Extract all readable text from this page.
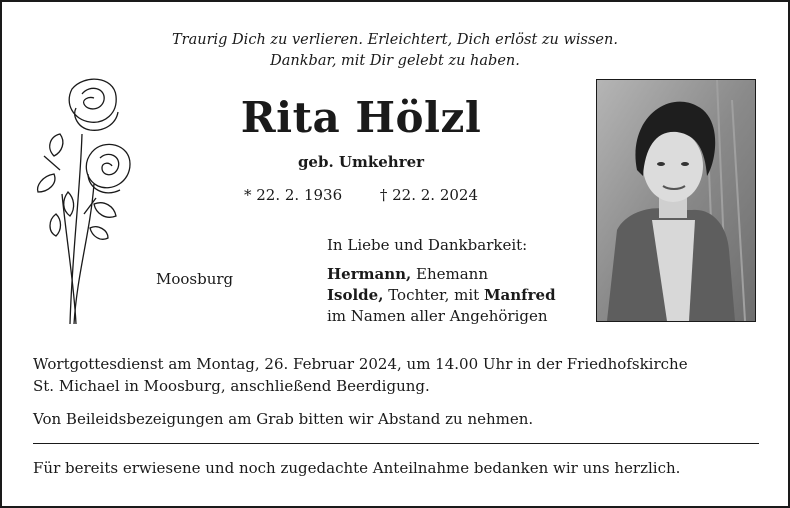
Traurig Dich zu verlieren. Erleichtert, Dich erlöst zu wissen.
Dankbar, mit Dir gelebt zu haben.
Rita Hölzl
geb. Umkehrer
* 22. 2. 1936	† 22. 2. 2024
In Liebe und Dankbarkeit:
Moosburg	Hermann, Ehemann
Isolde, Tochter, mit Manfred
im Namen aller Angehörigen
Wortgottesdienst am Montag, 26. Februar 2024, um 14.00 Uhr in der Friedhofskirche
St. Michael in Moosburg, anschließend Beerdigung.
Von Beileidsbezeigungen am Grab bitten wir Abstand zu nehmen.
Für bereits erwiesene und noch zugedachte Anteilnahme bedanken wir uns herzlich.
